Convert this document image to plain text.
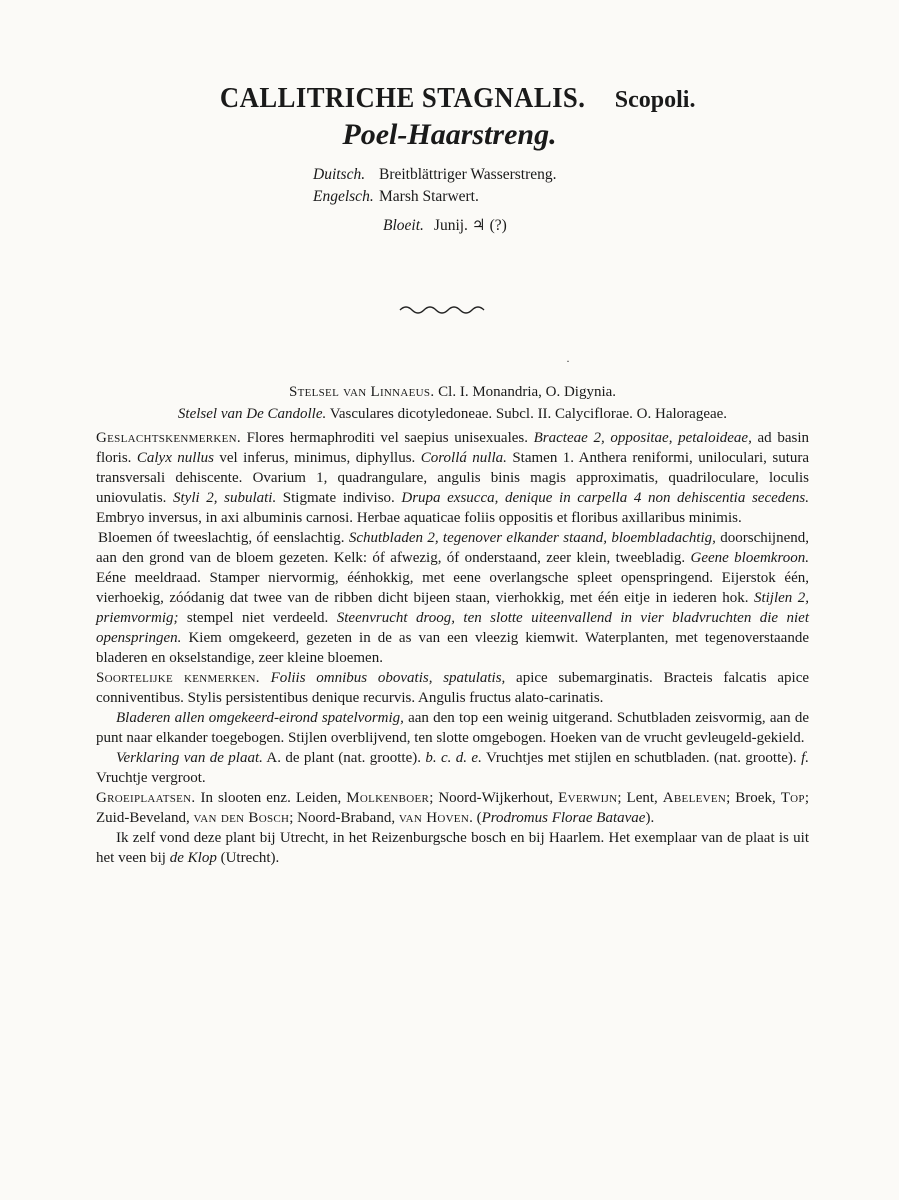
CALLITRICHE STAGNALIS. Scopoli.
Poel-Haarstreng.
Duitsch. Breitblättriger Wasserstreng.
Engelsch. Marsh Starwert.
Bloeit. Junij. ♃ (?)
·

Stelsel van Linnaeus. Cl. I. Monandria, O. Digynia.

Stelsel van De Candolle. Vasculares dicotyledoneae. Subcl. II. Calyciflorae. O. Halorageae.

Geslachtskenmerken. Flores hermaphroditi vel saepius unisexuales. Bracteae 2, oppositae, petaloideae, ad basin floris. Calyx nullus vel inferus, minimus, diphyllus. Corollá nulla. Stamen 1. Anthera reniformi, uniloculari, sutura transversali dehiscente. Ovarium 1, quadrangulare, angulis binis magis approximatis, quadriloculare, loculis uniovulatis. Styli 2, subulati. Stigmate indiviso. Drupa exsucca, denique in carpella 4 non dehiscentia secedens. Embryo inversus, in axi albuminis carnosi. Herbae aquaticae foliis oppositis et floribus axillaribus minimis.

Bloemen óf tweeslachtig, óf eenslachtig. Schutbladen 2, tegenover elkander staand, bloembladachtig, doorschijnend, aan den grond van de bloem gezeten. Kelk: óf afwezig, óf onderstaand, zeer klein, tweebladig. Geene bloemkroon. Eéne meeldraad. Stamper niervormig, éénhokkig, met eene overlangsche spleet openspringend. Eijerstok één, vierhoekig, zóódanig dat twee van de ribben dicht bijeen staan, vierhokkig, met één eitje in iederen hok. Stijlen 2, priemvormig; stempel niet verdeeld. Steenvrucht droog, ten slotte uiteenvallend in vier bladvruchten die niet openspringen. Kiem omgekeerd, gezeten in de as van een vleezig kiemwit. Waterplanten, met tegenoverstaande bladeren en okselstandige, zeer kleine bloemen.

Soortelijke kenmerken. Foliis omnibus obovatis, spatulatis, apice subemarginatis. Bracteis falcatis apice conniventibus. Stylis persistentibus denique recurvis. Angulis fructus alato-carinatis.

Bladeren allen omgekeerd-eirond spatelvormig, aan den top een weinig uitgerand. Schutbladen zeisvormig, aan de punt naar elkander toegebogen. Stijlen overblijvend, ten slotte omgebogen. Hoeken van de vrucht gevleugeld-gekield.

Verklaring van de plaat. A. de plant (nat. grootte). b. c. d. e. Vruchtjes met stijlen en schutbladen. (nat. grootte). f. Vruchtje vergroot.

Groeiplaatsen. In slooten enz. Leiden, Molkenboer; Noord-Wijkerhout, Everwijn; Lent, Abeleven; Broek, Top; Zuid-Beveland, van den Bosch; Noord-Braband, van Hoven. (Prodromus Florae Batavae).

Ik zelf vond deze plant bij Utrecht, in het Reizenburgsche bosch en bij Haarlem. Het exemplaar van de plaat is uit het veen bij de Klop (Utrecht).
